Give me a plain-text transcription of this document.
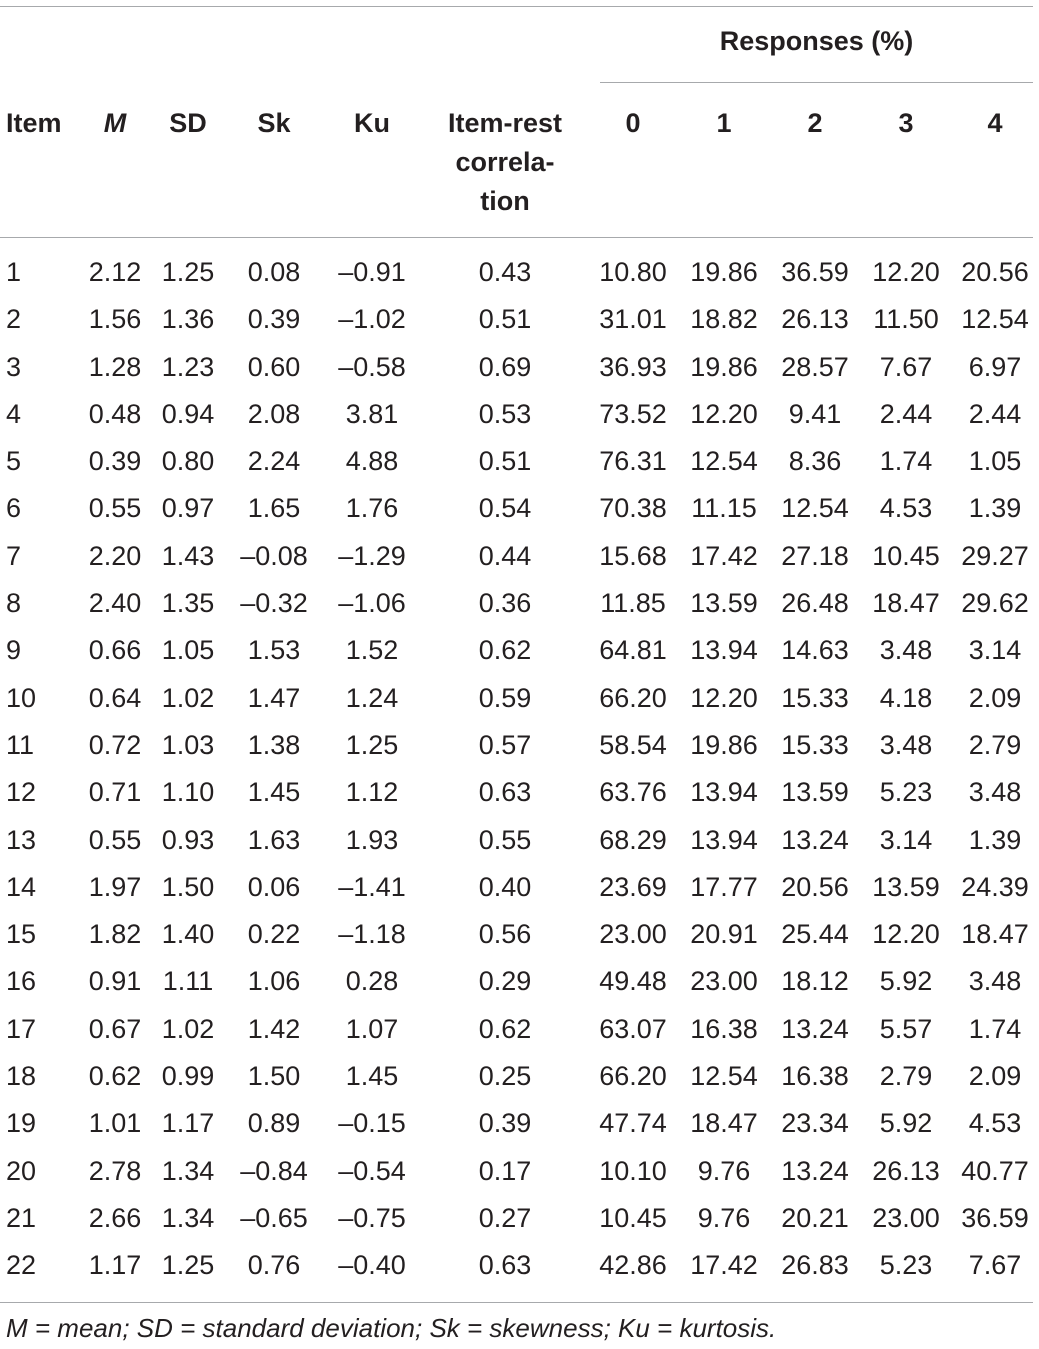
Responses (%)
Item	M	SD	Sk	Ku	Item-rest
correla-
tion
0	1	2	3	4
1	2.12 1.25	0.08	–0.91	0.43	10.80 19.86 36.59 12.20 20.56
2	1.56 1.36	0.39	–1.02	0.51	31.01 18.82 26.13 11.50 12.54
3	1.28 1.23	0.60	–0.58	0.69	36.93 19.86 28.57	7.67	6.97
4	0.48 0.94	2.08	3.81	0.53	73.52 12.20	9.41	2.44	2.44
5	0.39 0.80	2.24	4.88	0.51	76.31 12.54	8.36	1.74	1.05
6	0.55 0.97	1.65	1.76	0.54	70.38 11.15 12.54	4.53	1.39
7	2.20 1.43 –0.08	–1.29	0.44	15.68 17.42 27.18 10.45 29.27
8	2.40 1.35 –0.32	–1.06	0.36	11.85 13.59 26.48 18.47 29.62
9	0.66 1.05	1.53	1.52	0.62	64.81 13.94 14.63	3.48	3.14
10	0.64 1.02	1.47	1.24	0.59	66.20 12.20 15.33	4.18	2.09
11	0.72 1.03	1.38	1.25	0.57	58.54 19.86 15.33	3.48	2.79
12	0.71 1.10	1.45	1.12	0.63	63.76 13.94 13.59	5.23	3.48
13	0.55 0.93	1.63	1.93	0.55	68.29 13.94 13.24	3.14	1.39
14	1.97 1.50	0.06	–1.41	0.40	23.69 17.77 20.56 13.59 24.39
15	1.82 1.40	0.22	–1.18	0.56	23.00 20.91 25.44 12.20 18.47
16	0.91 1.11	1.06	0.28	0.29	49.48 23.00 18.12	5.92	3.48
17	0.67 1.02	1.42	1.07	0.62	63.07 16.38 13.24	5.57	1.74
18	0.62 0.99	1.50	1.45	0.25	66.20 12.54 16.38	2.79	2.09
19	1.01 1.17	0.89	–0.15	0.39	47.74 18.47 23.34	5.92	4.53
20	2.78 1.34 –0.84	–0.54	0.17	10.10	9.76	13.24 26.13 40.77
21	2.66 1.34 –0.65	–0.75	0.27	10.45	9.76	20.21 23.00 36.59
22	1.17 1.25	0.76	–0.40	0.63	42.86 17.42 26.83	5.23	7.67
M = mean; SD = standard deviation; Sk = skewness; Ku = kurtosis.
